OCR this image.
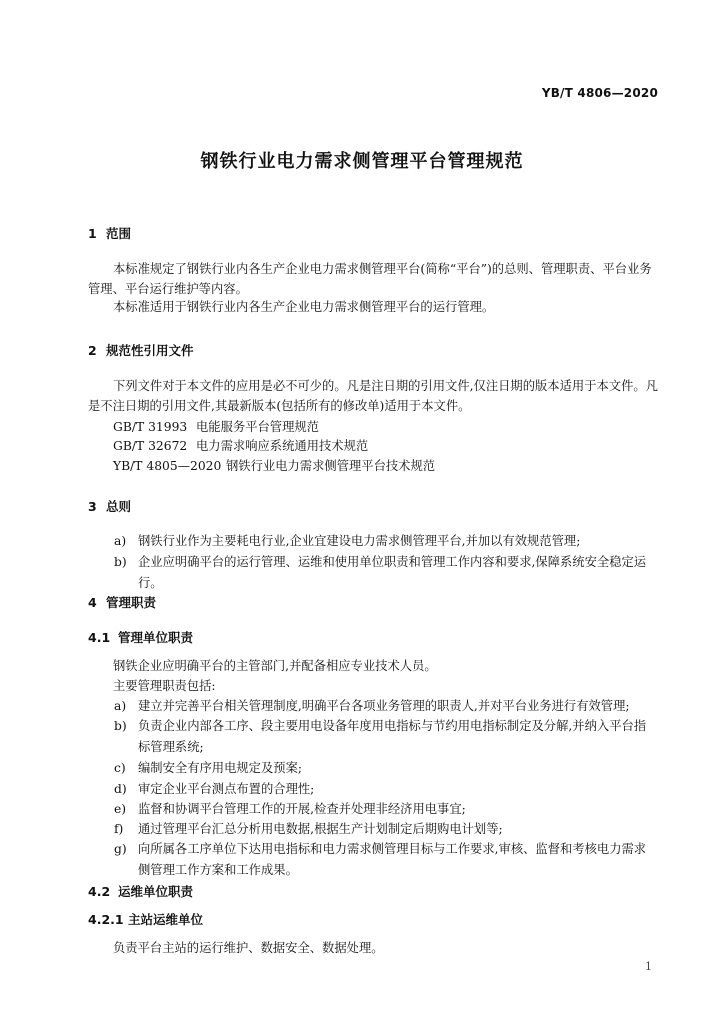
YB/T 4806—2020
钢铁行业电力需求侧管理平台管理规范
1 范围
本标准规定了钢铁行业内各生产企业电力需求侧管理平台(简称“平台”)的总则、管理职责、平台业务管理、平台运行维护等内容。
本标准适用于钢铁行业内各生产企业电力需求侧管理平台的运行管理。
2 规范性引用文件
下列文件对于本文件的应用是必不可少的。凡是注日期的引用文件,仅注日期的版本适用于本文件。凡是不注日期的引用文件,其最新版本(包括所有的修改单)适用于本文件。
GB/T 31993 电能服务平台管理规范
GB/T 32672 电力需求响应系统通用技术规范
YB/T 4805—2020 钢铁行业电力需求侧管理平台技术规范
3 总则
a) 钢铁行业作为主要耗电行业,企业宜建设电力需求侧管理平台,并加以有效规范管理;
b) 企业应明确平台的运行管理、运维和使用单位职责和管理工作内容和要求,保障系统安全稳定运行。
4 管理职责
4.1 管理单位职责
钢铁企业应明确平台的主管部门,并配备相应专业技术人员。
主要管理职责包括:
a) 建立并完善平台相关管理制度,明确平台各项业务管理的职责人,并对平台业务进行有效管理;
b) 负责企业内部各工序、段主要用电设备年度用电指标与节约用电指标制定及分解,并纳入平台指标管理系统;
c)	编制安全有序用电规定及预案;
d) 审定企业平台测点布置的合理性;
e) 监督和协调平台管理工作的开展,检查并处理非经济用电事宜;
f)	通过管理平台汇总分析用电数据,根据生产计划制定后期购电计划等;
g) 向所属各工序单位下达用电指标和电力需求侧管理目标与工作要求,审核、监督和考核电力需求侧管理工作方案和工作成果。
4.2 运维单位职责
4.2.1 主站运维单位
负责平台主站的运行维护、数据安全、数据处理。
1
